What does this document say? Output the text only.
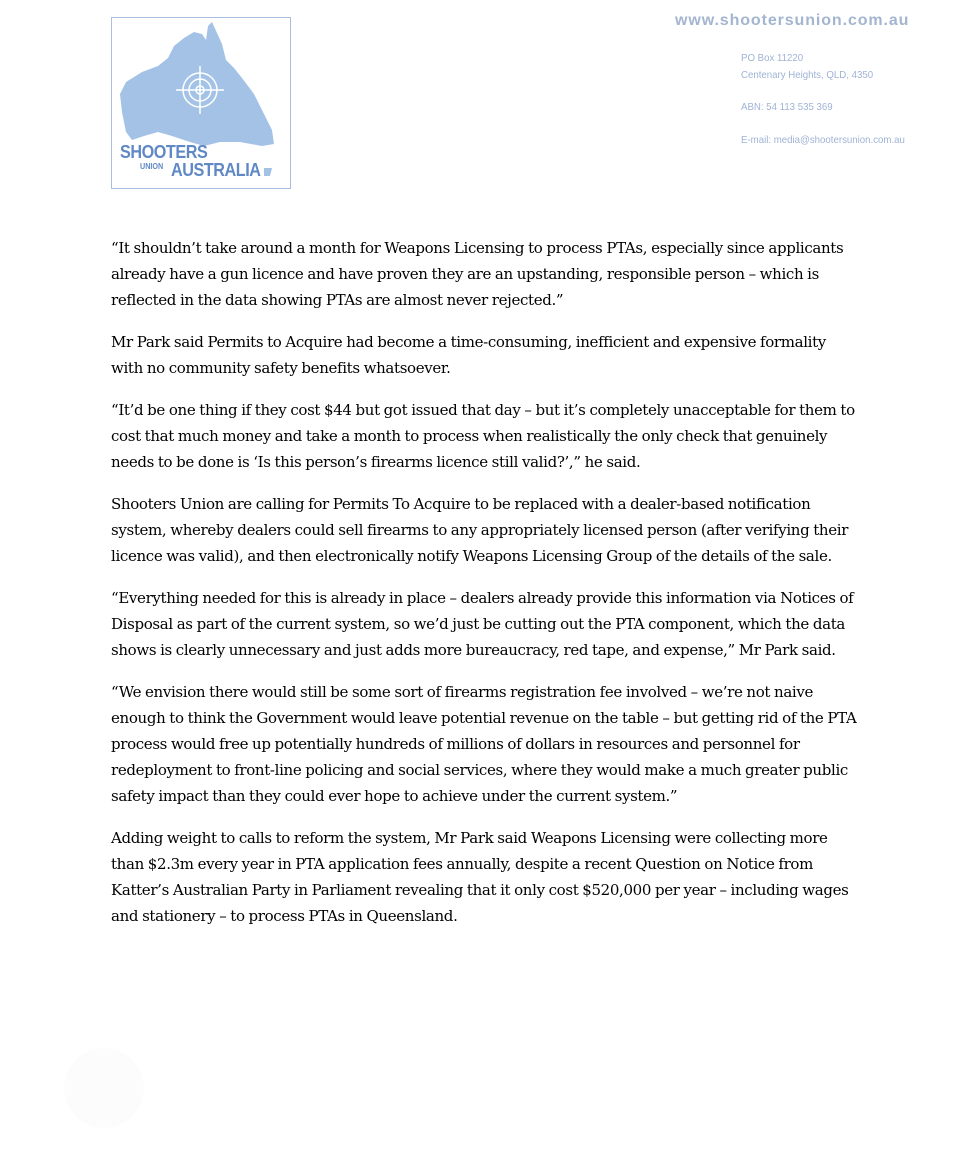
SHOOTERS
UNION AUSTRALIA
www.shootersunion.com.au
PO Box 11220
Centenary Heights, QLD, 4350
ABN: 54 113 535 369
E-mail: media@shootersunion.com.au

“It shouldn’t take around a month for Weapons Licensing to process PTAs, especially since applicants already have a gun licence and have proven they are an upstanding, responsible person – which is reflected in the data showing PTAs are almost never rejected.”

Mr Park said Permits to Acquire had become a time-consuming, inefficient and expensive formality with no community safety benefits whatsoever.

“It’d be one thing if they cost $44 but got issued that day – but it’s completely unacceptable for them to cost that much money and take a month to process when realistically the only check that genuinely needs to be done is ‘Is this person’s firearms licence still valid?’,” he said.

Shooters Union are calling for Permits To Acquire to be replaced with a dealer-based notification system, whereby dealers could sell firearms to any appropriately licensed person (after verifying their licence was valid), and then electronically notify Weapons Licensing Group of the details of the sale.

“Everything needed for this is already in place – dealers already provide this information via Notices of Disposal as part of the current system, so we’d just be cutting out the PTA component, which the data shows is clearly unnecessary and just adds more bureaucracy, red tape, and expense,” Mr Park said.

“We envision there would still be some sort of firearms registration fee involved – we’re not naive enough to think the Government would leave potential revenue on the table – but getting rid of the PTA process would free up potentially hundreds of millions of dollars in resources and personnel for redeployment to front-line policing and social services, where they would make a much greater public safety impact than they could ever hope to achieve under the current system.”

Adding weight to calls to reform the system, Mr Park said Weapons Licensing were collecting more than $2.3m every year in PTA application fees annually, despite a recent Question on Notice from Katter’s Australian Party in Parliament revealing that it only cost $520,000 per year – including wages and stationery – to process PTAs in Queensland.
